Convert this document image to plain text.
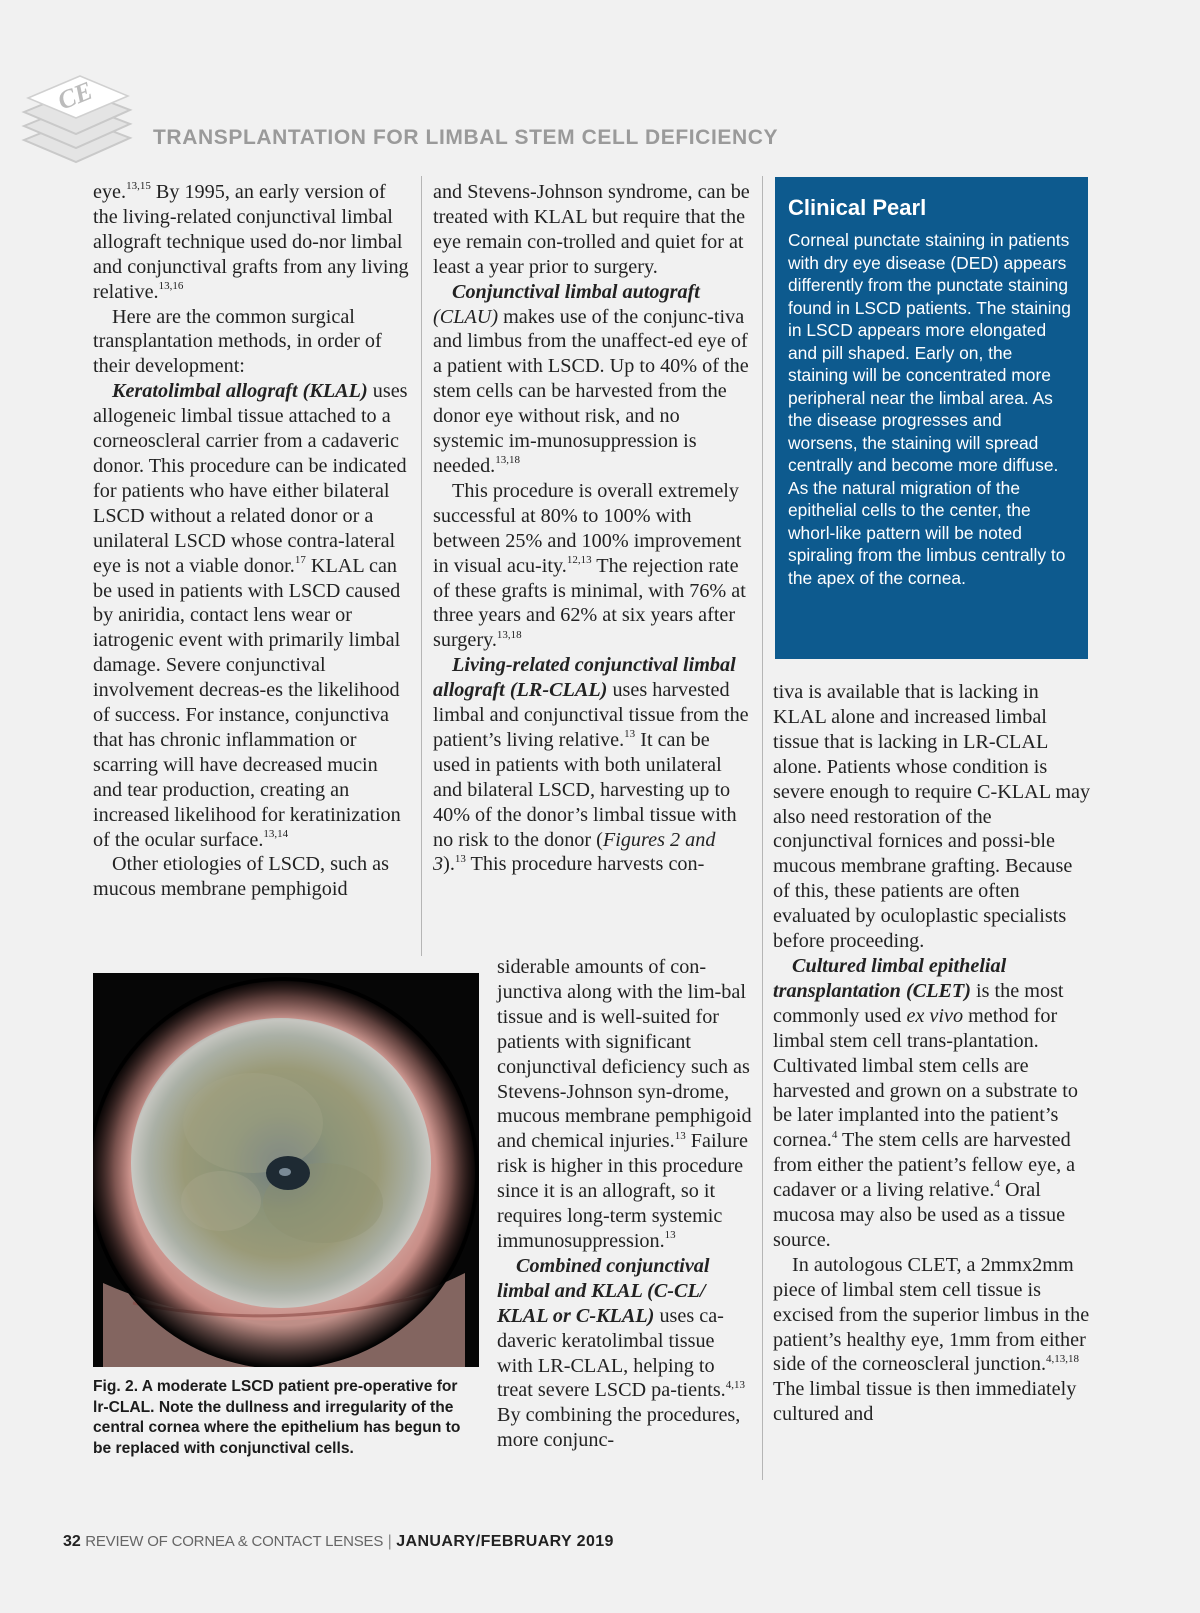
CE
TRANSPLANTATION FOR LIMBAL STEM CELL DEFICIENCY

eye.$^{13,15}$ By 1995, an early version of the living-related conjunctival limbal allograft technique used do-nor limbal and conjunctival grafts from any living relative.$^{13,16}$

Here are the common surgical transplantation methods, in order of their development:

Keratolimbal allograft (KLAL) uses allogeneic limbal tissue attached to a corneoscleral carrier from a cadaveric donor. This procedure can be indicated for patients who have either bilateral LSCD without a related donor or a unilateral LSCD whose contra-lateral eye is not a viable donor.$^{17}$ KLAL can be used in patients with LSCD caused by aniridia, contact lens wear or iatrogenic event with primarily limbal damage. Severe conjunctival involvement decreas-es the likelihood of success. For instance, conjunctiva that has chronic inflammation or scarring will have decreased mucin and tear production, creating an increased likelihood for keratinization of the ocular surface.$^{13,14}$

Other etiologies of LSCD, such as mucous membrane pemphigoid

and Stevens-Johnson syndrome, can be treated with KLAL but require that the eye remain con-trolled and quiet for at least a year prior to surgery.

Conjunctival limbal autograft (CLAU) makes use of the conjunc-tiva and limbus from the unaffect-ed eye of a patient with LSCD. Up to 40% of the stem cells can be harvested from the donor eye without risk, and no systemic im-munosuppression is needed.$^{13,18}$

This procedure is overall extremely successful at 80% to 100% with between 25% and 100% improvement in visual acu-ity.$^{12,13}$ The rejection rate of these grafts is minimal, with 76% at three years and 62% at six years after surgery.$^{13,18}$

Living-related conjunctival limbal allograft (LR-CLAL) uses harvested limbal and conjunctival tissue from the patient’s living relative.$^{13}$ It can be used in patients with both unilateral and bilateral LSCD, harvesting up to 40% of the donor’s limbal tissue with no risk to the donor (Figures 2 and 3).$^{13}$ This procedure harvests con-

siderable amounts of con-junctiva along with the lim-bal tissue and is well-suited for patients with significant conjunctival deficiency such as Stevens-Johnson syn-drome, mucous membrane pemphigoid and chemical injuries.$^{13}$ Failure risk is higher in this procedure since it is an allograft, so it requires long-term systemic immunosuppression.$^{13}$

Combined conjunctival limbal and KLAL (C-CL/ KLAL or C-KLAL) uses ca-daveric keratolimbal tissue with LR-CLAL, helping to treat severe LSCD pa-tients.$^{4,13}$ By combining the procedures, more conjunc-

tiva is available that is lacking in KLAL alone and increased limbal tissue that is lacking in LR-CLAL alone. Patients whose condition is severe enough to require C-KLAL may also need restoration of the conjunctival fornices and possi-ble mucous membrane grafting. Because of this, these patients are often evaluated by oculoplastic specialists before proceeding.

Cultured limbal epithelial transplantation (CLET) is the most commonly used ex vivo method for limbal stem cell trans-plantation. Cultivated limbal stem cells are harvested and grown on a substrate to be later implanted into the patient’s cornea.$^4$ The stem cells are harvested from either the patient’s fellow eye, a cadaver or a living relative.$^4$ Oral mucosa may also be used as a tissue source.

In autologous CLET, a 2mmx2mm piece of limbal stem cell tissue is excised from the superior limbus in the patient’s healthy eye, 1mm from either side of the corneoscleral junction.$^{4,13,18}$ The limbal tissue is then immediately cultured and

Clinical Pearl

Corneal punctate staining in patients with dry eye disease (DED) appears differently from the punctate staining found in LSCD patients. The staining in LSCD appears more elongated and pill shaped. Early on, the staining will be concentrated more peripheral near the limbal area. As the disease progresses and worsens, the staining will spread centrally and become more diffuse. As the natural migration of the epithelial cells to the center, the whorl-like pattern will be noted spiraling from the limbus centrally to the apex of the cornea.

Fig. 2. A moderate LSCD patient pre-operative for lr-CLAL. Note the dullness and irregularity of the central cornea where the epithelium has begun to be replaced with conjunctival cells.
32 REVIEW OF CORNEA & CONTACT LENSES | JANUARY/FEBRUARY 2019
